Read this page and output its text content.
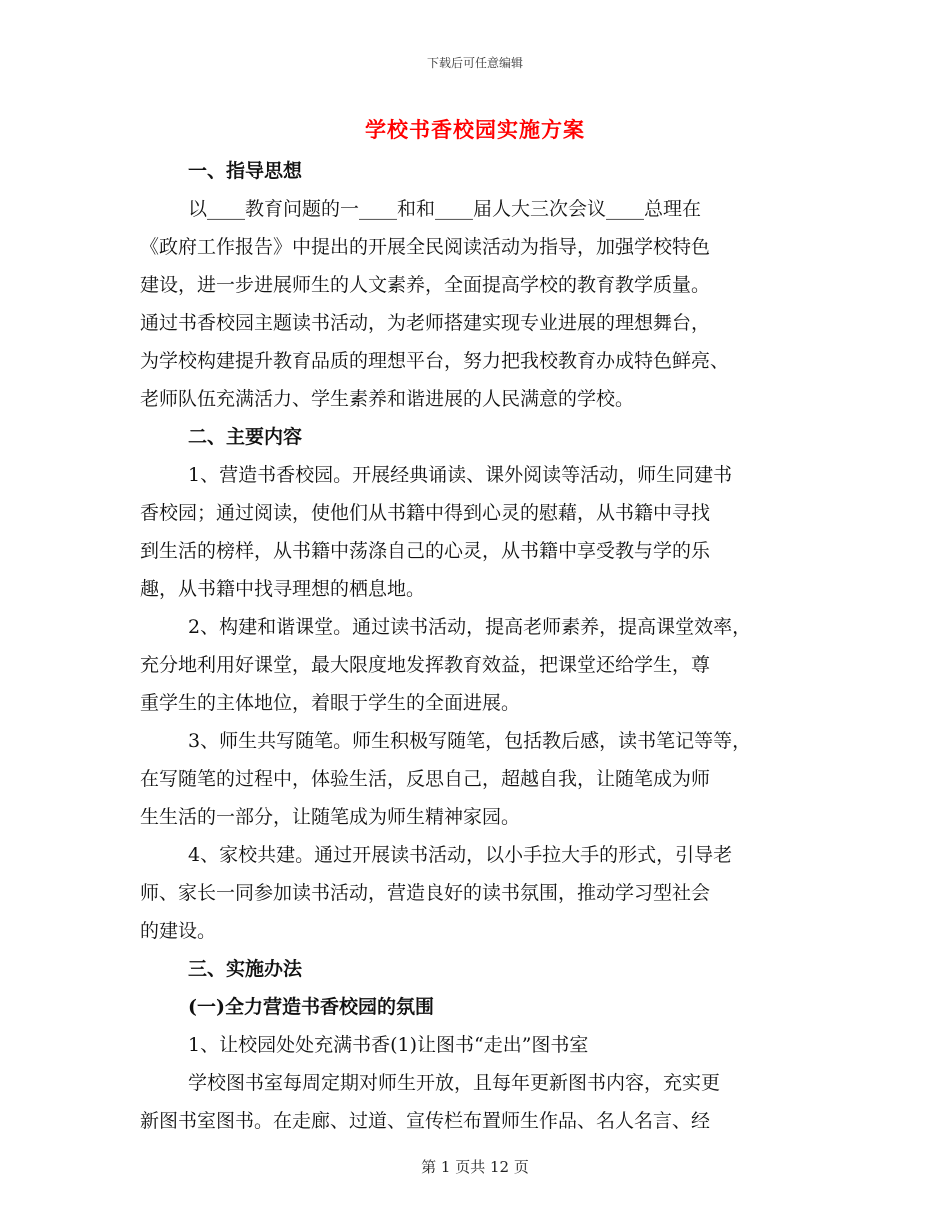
下载后可任意编辑
学校书香校园实施方案
一、指导思想
以____教育问题的一____和和____届人大三次会议____总理在
《政府工作报告》中提出的开展全民阅读活动为指导，加强学校特色
建设，进一步进展师生的人文素养，全面提高学校的教育教学质量。
通过书香校园主题读书活动，为老师搭建实现专业进展的理想舞台，
为学校构建提升教育品质的理想平台，努力把我校教育办成特色鲜亮、
老师队伍充满活力、学生素养和谐进展的人民满意的学校。
二、主要内容
1、营造书香校园。开展经典诵读、课外阅读等活动，师生同建书
香校园；通过阅读，使他们从书籍中得到心灵的慰藉，从书籍中寻找
到生活的榜样，从书籍中荡涤自己的心灵，从书籍中享受教与学的乐
趣，从书籍中找寻理想的栖息地。
2、构建和谐课堂。通过读书活动，提高老师素养，提高课堂效率，
充分地利用好课堂，最大限度地发挥教育效益，把课堂还给学生，尊
重学生的主体地位，着眼于学生的全面进展。
3、师生共写随笔。师生积极写随笔，包括教后感，读书笔记等等，
在写随笔的过程中，体验生活，反思自己，超越自我，让随笔成为师
生生活的一部分，让随笔成为师生精神家园。
4、家校共建。通过开展读书活动，以小手拉大手的形式，引导老
师、家长一同参加读书活动，营造良好的读书氛围，推动学习型社会
的建设。
三、实施办法
(一)全力营造书香校园的氛围
1、让校园处处充满书香(1)让图书“走出”图书室
学校图书室每周定期对师生开放，且每年更新图书内容，充实更
新图书室图书。在走廊、过道、宣传栏布置师生作品、名人名言、经
第 1 页共 12 页
